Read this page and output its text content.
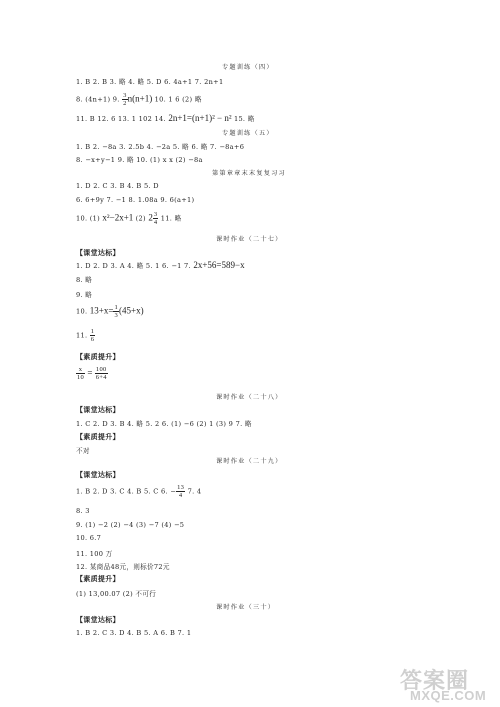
专题训练（四）
1. B 2. B 3. 略 4. 略 5. D 6. 4a+1 7. 2n+1
8. (4n+1) 9. $\frac{3}{2} n(n+1)$ 10. 1 6 (2) 略
11. B 12. 6 13. 1 102 14. 2n+1=(n+1)² − n² 15. 略
专题训练（五）
1. B 2. −8a 3. 2.5b 4. −2a 5. 略 6. 略 7. −8a+6
8. −x+y−1 9. 略 10. (1) x x (2) −8a
第第章章末末复复习习
1. D 2. C 3. B 4. B 5. D
6. 6+9y 7. −1 8. 1.08a 9. 6(a+1)
10. (1) x²−2x+1 (2) $2 \frac{3}{4} 11$. 略
课时作业（二十七）
【课堂达标】
1. D 2. D 3. A 4. 略 5. 1 6. −1 7. 2x+56=589−x
8. 略
9. 略
10. $13+x= \frac{1}{3} (45+x)$
11. $\frac{1}{6}$
【素质提升】
$\frac{x}{10} = \frac{100}{6+4}$
课时作业（二十八）
【课堂达标】
1. C 2. D 3. B 4. 略 5. 2 6. (1) −6 (2) 1 (3) 9 7. 略
【素质提升】
不对
课时作业（二十九）
【课堂达标】
1. B 2. D 3. C 4. B 5. C 6. − $\frac{13}{4} 7$. 4
8. 3
9. (1) −2 (2) −4 (3) −7 (4) −5
10. 6.7
11. 100 万
12. 某商品48元，则标价72元
【素质提升】
(1) 13,00.07 (2) 不可行
课时作业（三十）
【课堂达标】
1. B 2. C 3. D 4. B 5. A 6. B 7. 1
答案圈
MXQE.COM
